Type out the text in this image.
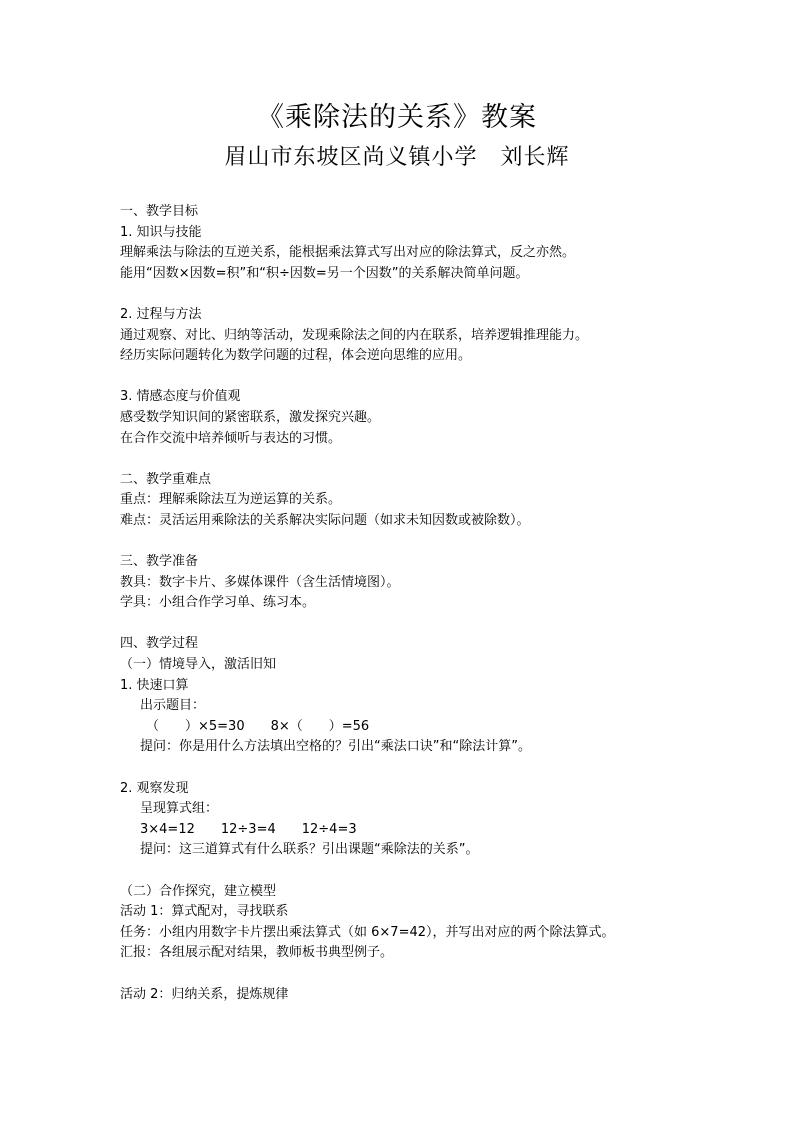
《乘除法的关系》教案
眉山市东坡区尚义镇小学　刘长辉
一、教学目标
1. 知识与技能
理解乘法与除法的互逆关系，能根据乘法算式写出对应的除法算式，反之亦然。
能用“因数×因数=积”和“积÷因数=另一个因数”的关系解决简单问题。
2. 过程与方法
通过观察、对比、归纳等活动，发现乘除法之间的内在联系，培养逻辑推理能力。
经历实际问题转化为数学问题的过程，体会逆向思维的应用。
3. 情感态度与价值观
感受数学知识间的紧密联系，激发探究兴趣。
在合作交流中培养倾听与表达的习惯。
二、教学重难点
重点：理解乘除法互为逆运算的关系。
难点：灵活运用乘除法的关系解决实际问题（如求未知因数或被除数）。
三、教学准备
教具：数字卡片、多媒体课件（含生活情境图）。
学具：小组合作学习单、练习本。
四、教学过程
（一）情境导入，激活旧知
1. 快速口算
出示题目：
（　　）×5=30　　8×（　　）=56
提问：你是用什么方法填出空格的？引出“乘法口诀”和“除法计算”。
2. 观察发现
呈现算式组：
3×4=12　　12÷3=4　　12÷4=3
提问：这三道算式有什么联系？引出课题“乘除法的关系”。
（二）合作探究，建立模型
活动 1：算式配对，寻找联系
任务：小组内用数字卡片摆出乘法算式（如 6×7=42），并写出对应的两个除法算式。
汇报：各组展示配对结果，教师板书典型例子。
活动 2：归纳关系，提炼规律
